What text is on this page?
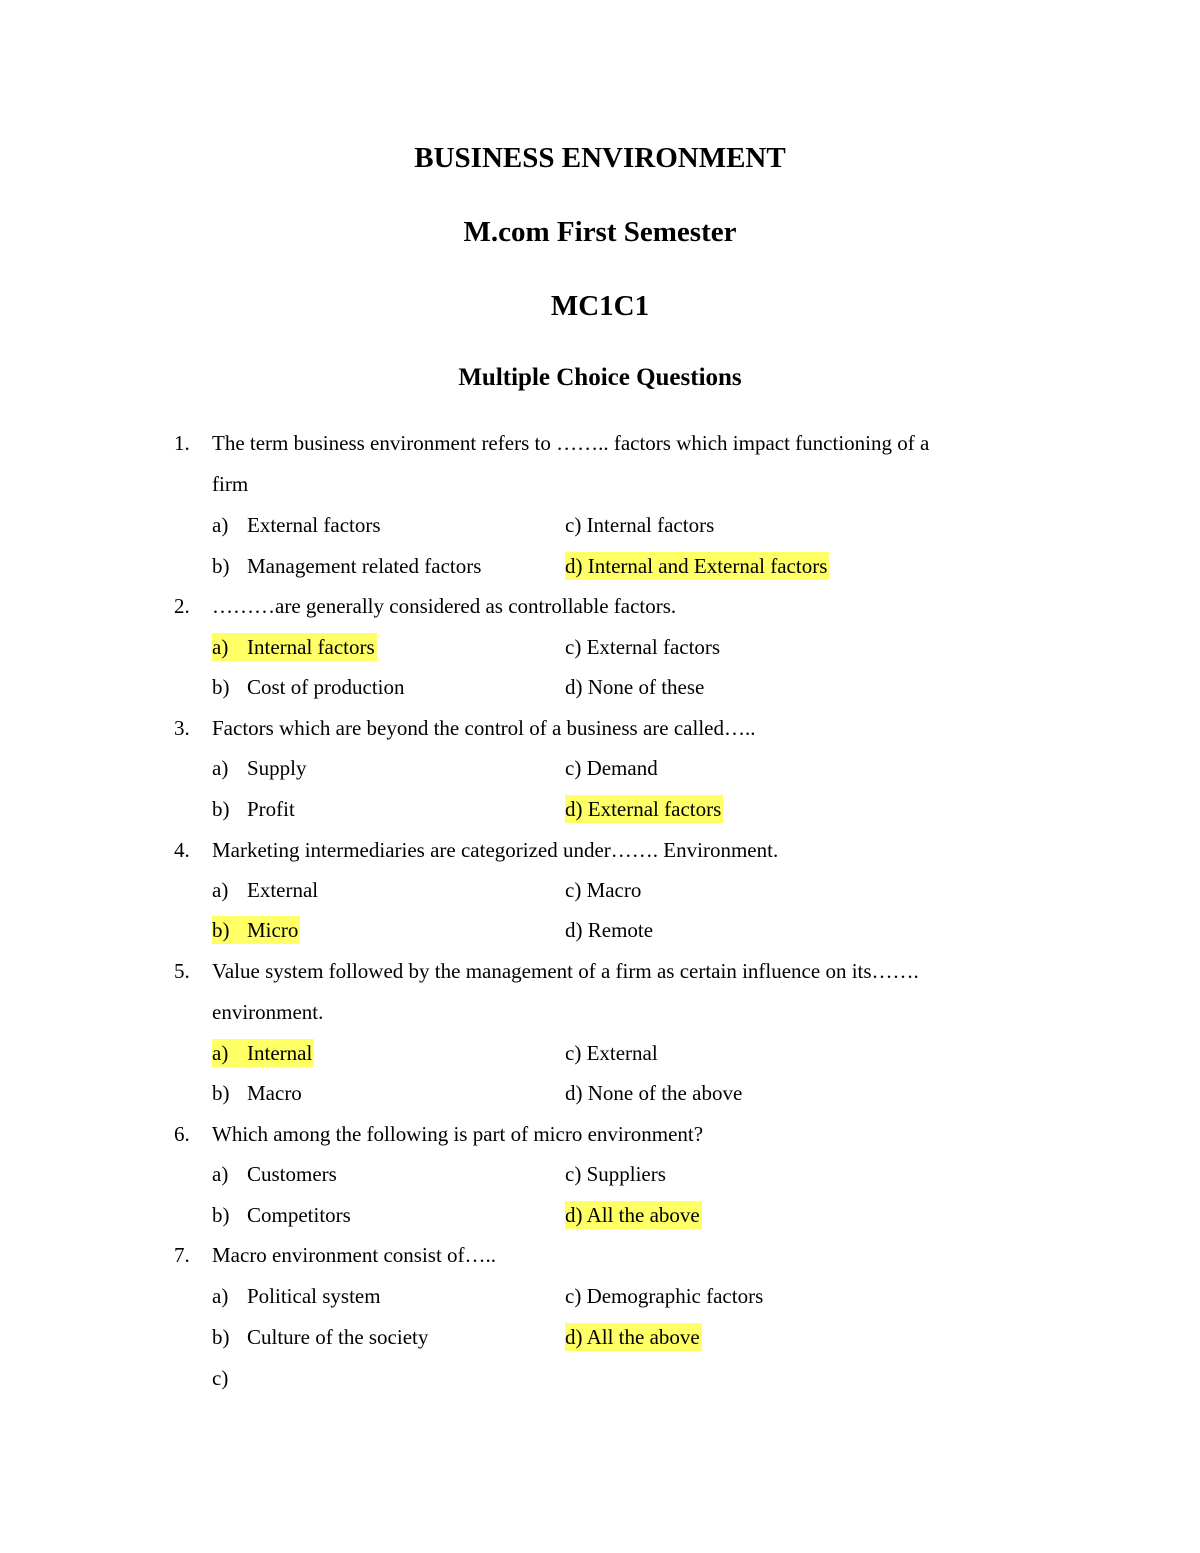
BUSINESS ENVIRONMENT
M.com First Semester
MC1C1
Multiple Choice Questions
1. The term business environment refers to …….. factors which impact functioning of a
firm
a) External factors	c) Internal factors
b) Management related factors	d) Internal and External factors
2. ………are generally considered as controllable factors.
a) Internal factors	c) External factors
b) Cost of production	d) None of these
3. Factors which are beyond the control of a business are called…..
a) Supply	c) Demand
b) Profit	d) External factors
4. Marketing intermediaries are categorized under……. Environment.
a) External	c) Macro
b) Micro	d) Remote
5. Value system followed by the management of a firm as certain influence on its…….
environment.
a) Internal	c) External
b) Macro	d) None of the above
6. Which among the following is part of micro environment?
a) Customers	c) Suppliers
b) Competitors	d) All the above
7. Macro environment consist of…..
a) Political system	c) Demographic factors
b) Culture of the society	d) All the above
c)
